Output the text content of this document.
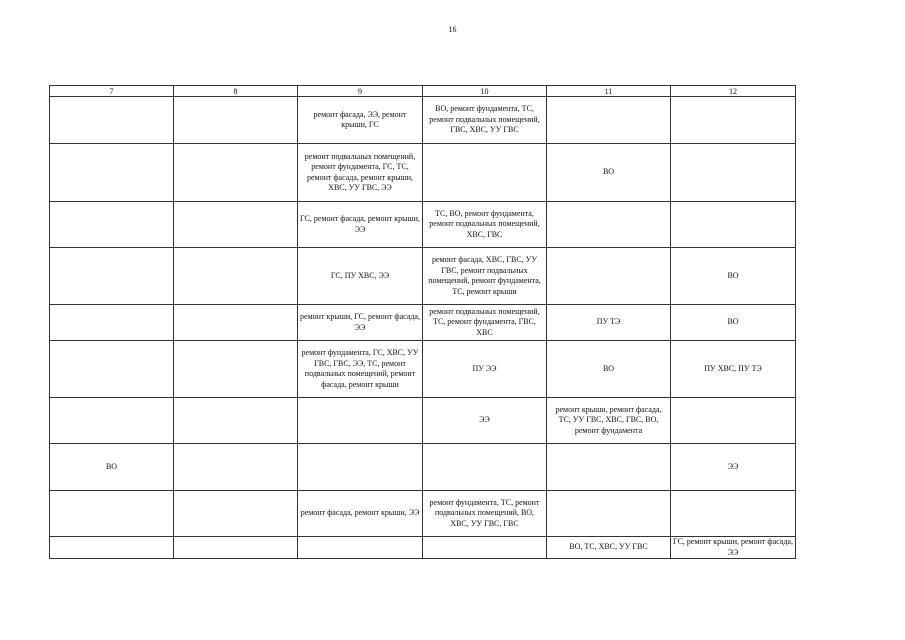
16
7	8	9	10	11	12
		ремонт фасада, ЭЭ, ремонт крыши, ГС	ВО, ремонт фундамента, ТС, ремонт подвальных помещений, ГВС, ХВС, УУ ГВС		
		ремонт подвальных помещений, ремонт фундамента, ГС, ТС, ремонт фасада, ремонт крыши, ХВС, УУ ГВС, ЭЭ		ВО	
		ГС, ремонт фасада, ремонт крыши, ЭЭ	ТС, ВО, ремонт фундамента, ремонт подвальных помещений, ХВС, ГВС		
		ГС, ПУ ХВС, ЭЭ	ремонт фасада, ХВС, ГВС, УУ ГВС, ремонт подвальных помещений, ремонт фундамента, ТС, ремонт крыши		ВО
		ремонт крыши, ГС, ремонт фасада, ЭЭ	ремонт подвальных помещений, ТС, ремонт фундамента, ГВС, ХВС	ПУ ТЭ	ВО
		ремонт фундамента, ГС, ХВС, УУ ГВС, ГВС, ЭЭ, ТС, ремонт подвальных помещений, ремонт фасада, ремонт крыши	ПУ ЭЭ	ВО	ПУ ХВС, ПУ ТЭ
			ЭЭ	ремонт крыши, ремонт фасада, ТС, УУ ГВС, ХВС, ГВС, ВО, ремонт фундамента	
ВО					ЭЭ
		ремонт фасада, ремонт крыши, ЭЭ	ремонт фундамента, ТС, ремонт подвальных помещений, ВО, ХВС, УУ ГВС, ГВС		
				ВО, ТС, ХВС, УУ ГВС	ГС, ремонт крыши, ремонт фасада, ЭЭ
